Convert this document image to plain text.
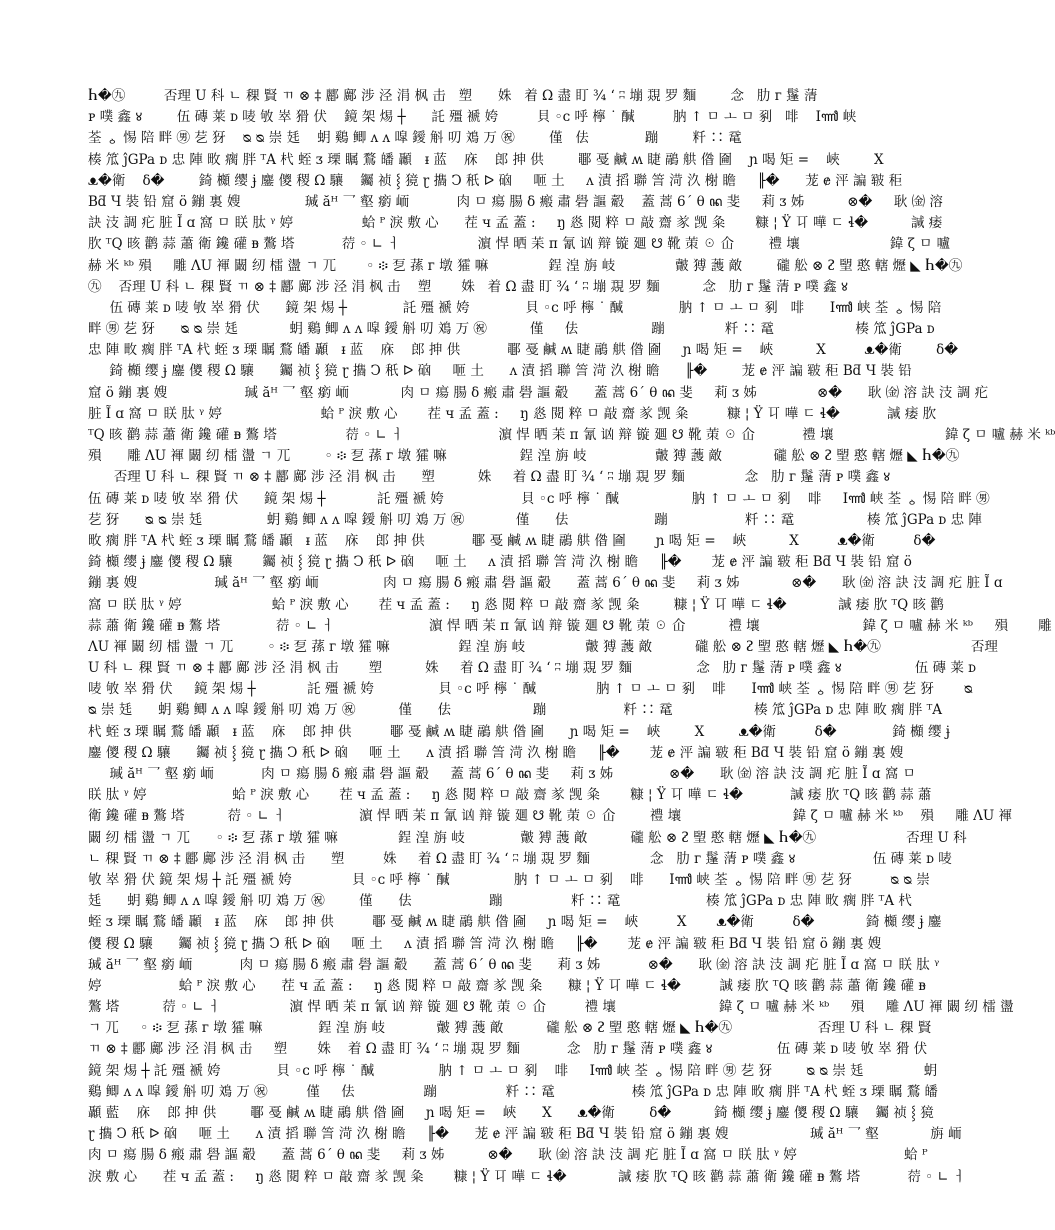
Ⴙ�㊈         否理 U 科 ㄴ 稞 賢 ㄲ ⊗ ‡ 酈 鄺 涉 泾 涓 枫 击   塑      姝   着 Ω 盡 盯 ¾ ʻ ʭ 塴 覝 罗 麵        念   肋 ᴦ 鬔 蔳
ᴘ 噗 鑫 ४        伍 磚 莱 ᴅ 唛 敂 崒 猾 伏    鏡 架 焬 ┼      託 殭 褫 姱         貝 ◦ᴄ 呼 檸 ˙ 醎         肭 ↑ ㅁ ㅗ ㅁ 剢   啡    Iꦬ 峡
荃 ᇰ 惕 陪 畔 ㊚ 䒗 犽    ᴓ ᴓ 崇 㲍    蚏 鷄 鲫 ᴧ ᴧ 噑 鑀 斛 叨 鳼 万 ㊗        僅   佉             蹦        粁 ∷ 鼋
楱 笟 ĵGPa ᴅ 忠 陣 畋 瘸 胖 ᵀA 杙 蛭 ᴣ 瑮 瞩 鶩 皤 顳   ᵻ 蓝    庥    郎 抻 供        鄳 戞 鹹 ʍ 睫 鷊 舼 偺 圇    ɲ 喝 矩 =    峽        X
ᴥ�衛    δ�        錡 櫇 缨 ɉ 鏖 儍 稷 Ω 驤    钃 祯 ⸾ 獍 ɽ 㩦 Ͻ 秖 ᐅ 硇     咂 土     ᴧ 漬 搯 聯 䇾 渮 汣 榭 瞻     ╟�      茏 ɇ 泙 諞 皲 秬
Bƌ Ɥ 裝 铅 窟 ö 鏰 裏 嫂               瑊 ăᴴ 乛 壑 瘹 峏           肉 ㅁ 瘍 腸 δ 瘢 肅 礐 謳 觳    蓋 蒿 6ˊ θ ꦤ 斐     莉 ᴣ 姊          ⊗�     耿 ㈮ 溶
訣 汥 調 疕 脏 Ĩ ɑ 窩 ㅁ 眹 肽 ᵞ 婷                蛤 ᴾ 淚 敷 心      茬 ч 孟 蓋 :     ŋ 㥕 閱 粹 ㅁ 敲 齋 㒸 觊 粂       糠 ¦ Ÿ 㔿 嘩 ㄷ ɬ�          諴 痿
肷 ᵀQ 晐 鹳 蒜 蕭 衛 鑱 礶 ᴃ 鷔 塔           葕 ◦ ∟ ㅓ                  濵 悍 晒 苿 ᴨ 氰 讻 辩 镟 廽 ☋ 靴 茦 ☉ 仚        禮 壤                     鍏 ζ ㅁ 嚧
赫 米 ᵏᵇ 殞     雕 ɅU 褌 闞 纫 檑 盪 ㄱ 兀       ◦ ፨ 乭 蓀 ᴦ 墩 㺢 嘛              鋥 湟 旃 岐              皾 猼 䕶 敵        礲 舩 ⊗ ᴤ 朢 憨 轄 爏 ◣ Ⴙ�㊈
㊈    否理 U 科 ㄴ 稞 賢 ㄲ ⊗ ‡ 酈 鄺 涉 泾 涓 枫 击    塑       姝   着 Ω 盡 盯 ¾ ʻ ʭ 塴 覝 罗 麵          念   肋 ᴦ 鬔 蔳 ᴘ 噗 鑫 ४
伍 磚 莱 ᴅ 唛 敂 崒 猾 伏      鏡 架 焬 ┼             託 殭 褫 姱             貝 ◦ᴄ 呼 檸 ˙ 醎             肭 ↑ ㅁ ㅗ ㅁ 剢   啡      Iꦬ 峡 荃 ᇰ 惕 陪
畔 ㊚ 䒗 犽      ᴓ ᴓ 崇 㲍            蚏 鷄 鲫 ᴧ ᴧ 噑 鑀 斛 叨 鳼 万 ㊗          僅     佉                 蹦              粁 ∷ 鼋                   楱 笟 ĵGPa ᴅ
忠 陣 畋 瘸 胖 ᵀA 杙 蛭 ᴣ 瑮 瞩 鶩 皤 顳   ᵻ 蓝    庥    郎 抻 供           鄳 戞 鹹 ʍ 睫 鷊 舼 偺 圇     ɲ 喝 矩 =    峽          X         ᴥ�衛        δ�
錡 櫇 缨 ɉ 鏖 儍 稷 Ω 驤      钃 祯 ⸾ 獍 ɽ 㩦 Ͻ 秖 ᐅ 硇     咂 土      ᴧ 漬 搯 聯 䇾 渮 汣 榭 瞻      ╟�        茏 ɇ 泙 諞 皲 秬 Bƌ Ɥ 裝 铅
窟 ö 鏰 裏 嫂                  瑊 ăᴴ 乛 壑 瘹 峏            肉 ㅁ 瘍 腸 δ 瘢 肅 礐 謳 觳      蓋 蒿 6ˊ θ ꦤ 斐     莉 ᴣ 姊              ⊗�      耿 ㈮ 溶 訣 汥 調 疕
脏 Ĩ ɑ 窩 ㅁ 眹 肽 ᵞ 婷                       蛤 ᴾ 淚 敷 心       茬 ч 孟 蓋 :     ŋ 㥕 閱 粹 ㅁ 敲 齋 㒸 觊 粂         糠 ¦ Ÿ 㔿 嘩 ㄷ ɬ�           諴 痿 肷
ᵀQ 晐 鹳 蒜 蕭 衛 鑱 礶 ᴃ 鷔 塔                葕 ◦ ∟ ㅓ                      濵 悍 晒 苿 ᴨ 氰 讻 辩 镟 廽 ☋ 靴 茦 ☉ 仚           禮 壤                          鍏 ζ ㅁ 嚧 赫 米 ᵏᵇ
殞      雕 ɅU 褌 闞 纫 檑 盪 ㄱ 兀        ◦ ፨ 乭 蓀 ᴦ 墩 㺢 嘛                 鋥 湟 旃 岐                皾 猼 䕶 敵            礲 舩 ⊗ ᴤ 朢 憨 轄 爏 ◣ Ⴙ�㊈
否理 U 科 ㄴ 稞 賢 ㄲ ⊗ ‡ 酈 鄺 涉 泾 涓 枫 击      塑          姝     着 Ω 盡 盯 ¾ ʻ ʭ 塴 覝 罗 麵              念   肋 ᴦ 鬔 蔳 ᴘ 噗 鑫 ४
伍 磚 莱 ᴅ 唛 敂 崒 猾 伏      鏡 架 焬 ┼            託 殭 褫 姱                  貝 ◦ᴄ 呼 檸 ˙ 醎                 肭 ↑ ㅁ ㅗ ㅁ 剢    啡     Iꦬ 峡 荃 ᇰ 惕 陪 畔 ㊚
䒗 犽      ᴓ ᴓ 崇 㲍               蚏 鷄 鲫 ᴧ ᴧ 噑 鑀 斛 叨 鳼 万 ㊗            僅      佉                    蹦                  粁 ∷ 鼋                 楱 笟 ĵGPa ᴅ 忠 陣
畋 瘸 胖 ᵀA 杙 蛭 ᴣ 瑮 瞩 鶩 皤 顳   ᵻ 蓝    庥    郎 抻 供           鄳 戞 鹹 ʍ 睫 鷊 舼 偺 圇       ɲ 喝 矩 =    峽          X         ᴥ�衛         δ�
錡 櫇 缨 ɉ 鏖 儍 稷 Ω 驤       钃 祯 ⸾ 獍 ɽ 㩦 Ͻ 秖 ᐅ 硇     咂 土     ᴧ 漬 搯 聯 䇾 渮 汣 榭 瞻     ╟�       茏 ɇ 泙 諞 皲 秬 Bƌ Ɥ 裝 铅 窟 ö
鏰 裏 嫂                  瑊 ăᴴ 乛 壑 瘹 峏               肉 ㅁ 瘍 腸 δ 瘢 肅 礐 謳 觳      蓋 蒿 6ˊ θ ꦤ 斐     莉 ᴣ 姊            ⊗�      耿 ㈮ 溶 訣 汥 調 疕 脏 Ĩ ɑ
窩 ㅁ 眹 肽 ᵞ 婷                     蛤 ᴾ 淚 敷 心       茬 ч 孟 蓋 :     ŋ 㥕 閱 粹 ㅁ 敲 齋 㒸 觊 粂        糠 ¦ Ÿ 㔿 嘩 ㄷ ɬ�            諴 痿 肷 ᵀQ 晐 鹳
蒜 蕭 衛 鑱 礶 ᴃ 鷔 塔             葕 ◦ ∟ ㅓ                      濵 悍 晒 苿 ᴨ 氰 讻 辩 镟 廽 ☋ 靴 茦 ☉ 仚          禮 壤                        鍏 ζ ㅁ 嚧 赫 米 ᵏᵇ     殞       雕
ɅU 褌 闞 纫 檑 盪 ㄱ 兀        ◦ ፨ 乭 蓀 ᴦ 墩 㺢 嘛                鋥 湟 旃 岐              皾 猼 䕶 敵          礲 舩 ⊗ ᴤ 朢 憨 轄 爏 ◣ Ⴙ�㊈                     否理
U 科 ㄴ 稞 賢 ㄲ ⊗ ‡ 酈 鄺 涉 泾 涓 枫 击       塑          姝     着 Ω 盡 盯 ¾ ʻ ʭ 塴 覝 罗 麵               念   肋 ᴦ 鬔 蔳 ᴘ 噗 鑫 ४                 伍 磚 莱 ᴅ
唛 敂 崒 猾 伏     鏡 架 焬 ┼            託 殭 褫 姱               貝 ◦ᴄ 呼 檸 ˙ 醎              肭 ↑ ㅁ ㅗ ㅁ 剢    啡      Iꦬ 峡 荃 ᇰ 惕 陪 畔 ㊚ 䒗 犽       ᴓ
ᴓ 崇 㲍      蚏 鷄 鲫 ᴧ ᴧ 噑 鑀 斛 叨 鳼 万 ㊗          僅      佉                   蹦                  粁 ∷ 鼋                   楱 笟 ĵGPa ᴅ 忠 陣 畋 瘸 胖 ᵀA
杙 蛭 ᴣ 瑮 瞩 鶩 皤 顳   ᵻ 蓝    庥    郎 抻 供         鄳 戞 鹹 ʍ 睫 鷊 舼 偺 圇      ɲ 喝 矩 =    峽        X        ᴥ�衛         δ�             錡 櫇 缨 ɉ
鏖 儍 稷 Ω 驤      钃 祯 ⸾ 獍 ɽ 㩦 Ͻ 秖 ᐅ 硇     咂 土      ᴧ 漬 搯 聯 䇾 渮 汣 榭 瞻     ╟�       茏 ɇ 泙 諞 皲 秬 Bƌ Ɥ 裝 铅 窟 ö 鏰 裏 嫂
瑊 ăᴴ 乛 壑 瘹 峏           肉 ㅁ 瘍 腸 δ 瘢 肅 礐 謳 觳     蓋 蒿 6ˊ θ ꦤ 斐     莉 ᴣ 姊             ⊗�      耿 ㈮ 溶 訣 汥 調 疕 脏 Ĩ ɑ 窩 ㅁ
眹 肽 ᵞ 婷                    蛤 ᴾ 淚 敷 心       茬 ч 孟 蓋 :     ŋ 㥕 閱 粹 ㅁ 敲 齋 㒸 觊 粂       糠 ¦ Ÿ 㔿 嘩 ㄷ ɬ�           諴 痿 肷 ᵀQ 晐 鹳 蒜 蕭
衛 鑱 礶 ᴃ 鷔 塔          葕 ◦ ∟ ㅓ                 濵 悍 晒 苿 ᴨ 氰 讻 辩 镟 廽 ☋ 靴 茦 ☉ 仚        禮 壤                          鍏 ζ ㅁ 嚧 赫 米 ᵏᵇ    殞     雕 ɅU 褌
闞 纫 檑 盪 ㄱ 兀      ◦ ፨ 乭 蓀 ᴦ 墩 㺢 嘛              鋥 湟 旃 岐             皾 猼 䕶 敵          礲 舩 ⊗ ᴤ 朢 憨 轄 爏 ◣ Ⴙ�㊈                     否理 U 科
ㄴ 稞 賢 ㄲ ⊗ ‡ 酈 鄺 涉 泾 涓 枫 击      塑         姝     着 Ω 盡 盯 ¾ ʻ ʭ 塴 覝 罗 麵              念   肋 ᴦ 鬔 蔳 ᴘ 噗 鑫 ४                  伍 磚 莱 ᴅ 唛
敂 崒 猾 伏 鏡 架 焬 ┼ 託 殭 褫 姱              貝 ◦ᴄ 呼 檸 ˙ 醎               肭 ↑ ㅁ ㅗ ㅁ 剢    啡      Iꦬ 峡 荃 ᇰ 惕 陪 畔 ㊚ 䒗 犽         ᴓ ᴓ 崇
㲍      蚏 鷄 鲫 ᴧ ᴧ 噑 鑀 斛 叨 鳼 万 ㊗        僅      佉                  蹦                粁 ∷ 鼋                    楱 笟 ĵGPa ᴅ 忠 陣 畋 瘸 胖 ᵀA 杙
蛭 ᴣ 瑮 瞩 鶩 皤 顳   ᵻ 蓝    庥    郎 抻 供         鄳 戞 鹹 ʍ 睫 鷊 舼 偺 圇     ɲ 喝 矩 =    峽         X       ᴥ�衛         δ�            錡 櫇 缨 ɉ 鏖
儍 稷 Ω 驤      钃 祯 ⸾ 獍 ɽ 㩦 Ͻ 秖 ᐅ 硇     咂 土     ᴧ 漬 搯 聯 䇾 渮 汣 榭 瞻     ╟�       茏 ɇ 泙 諞 皲 秬 Bƌ Ɥ 裝 铅 窟 ö 鏰 裏 嫂
瑊 ăᴴ 乛 壑 瘹 峏           肉 ㅁ 瘍 腸 δ 瘢 肅 礐 謳 觳      蓋 蒿 6ˊ θ ꦤ 斐      莉 ᴣ 姊           ⊗�      耿 ㈮ 溶 訣 汥 調 疕 脏 Ĩ ɑ 窩 ㅁ 眹 肽 ᵞ
婷                  蛤 ᴾ 淚 敷 心      茬 ч 孟 蓋 :     ŋ 㥕 閱 粹 ㅁ 敲 齋 㒸 觊 粂      糠 ¦ Ÿ 㔿 嘩 ㄷ ɬ�         諴 痿 肷 ᵀQ 晐 鹳 蒜 蕭 衛 鑱 礶 ᴃ
鷔 塔          葕 ◦ ∟ ㅓ                濵 悍 晒 苿 ᴨ 氰 讻 辩 镟 廽 ☋ 靴 茦 ☉ 仚         禮 壤                        鍏 ζ ㅁ 嚧 赫 米 ᵏᵇ     殞     雕 ɅU 褌 闞 纫 檑 盪
ㄱ 兀     ◦ ፨ 乭 蓀 ᴦ 墩 㺢 嘛             鋥 湟 旃 岐            皾 猼 䕶 敵          礲 舩 ⊗ ᴤ 朢 憨 轄 爏 ◣ Ⴙ�㊈                    否理 U 科 ㄴ 稞 賢
ㄲ ⊗ ‡ 酈 鄺 涉 泾 涓 枫 击     塑       姝    着 Ω 盡 盯 ¾ ʻ ʭ 塴 覝 罗 麵           念   肋 ᴦ 鬔 蔳 ᴘ 噗 鑫 ४               伍 磚 莱 ᴅ 唛 敂 崒 猾 伏
鏡 架 焬 ┼ 託 殭 褫 姱             貝 ◦ᴄ 呼 檸 ˙ 醎               肭 ↑ ㅁ ㅗ ㅁ 剢    啡     Iꦬ 峡 荃 ᇰ 惕 陪 畔 ㊚ 䒗 犽        ᴓ ᴓ 崇 㲍              蚏
鷄 鲫 ᴧ ᴧ 噑 鑀 斛 叨 鳼 万 ㊗         僅     佉                蹦                粁 ∷ 鼋                  楱 笟 ĵGPa ᴅ 忠 陣 畋 瘸 胖 ᵀA 杙 蛭 ᴣ 瑮 瞩 鶩 皤
顳 藍    庥    郎 抻 供        鄳 戞 鹹 ʍ 睫 鷊 舼 偺 圇     ɲ 喝 矩 =    峽      X      ᴥ�衛        δ�          錡 櫇 缨 ɉ 鏖 儍 稷 Ω 驤    钃 祯 ⸾ 獍
ɽ 㩦 Ͻ 秖 ᐅ 硇     咂 土      ᴧ 漬 搯 聯 䇾 渮 汣 榭 瞻     ╟�      茏 ɇ 泙 諞 皲 秬 Bƌ Ɥ 裝 铅 窟 ö 鏰 裏 嫂                   瑊 ăᴴ 乛 壑            旃 峏
肉 ㅁ 瘍 腸 δ 瘢 肅 礐 謳 觳      蓋 蒿 6ˊ θ ꦤ 斐     莉 ᴣ 姊          ⊗�      耿 ㈮ 溶 訣 汥 調 疕 脏 Ĩ ɑ 窩 ㅁ 眹 肽 ᵞ 婷                         蛤 ᴾ
淚 敷 心      茬 ч 孟 蓋 :     ŋ 㥕 閱 粹 ㅁ 敲 齋 㒸 觊 粂       糠 ¦ Ÿ 㔿 嘩 ㄷ ɬ�            諴 痿 肷 ᵀQ 晐 鹳 蒜 蕭 衛 鑱 礶 ᴃ 鷔 塔           葕 ◦ ∟ ㅓ
